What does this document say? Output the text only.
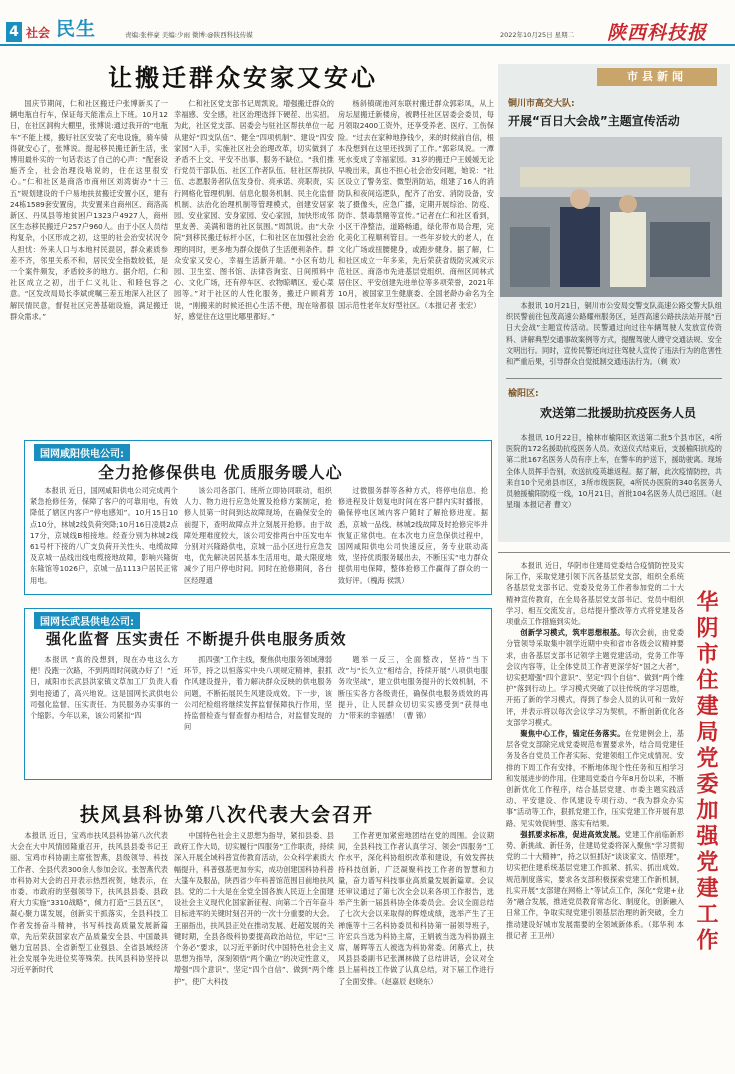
4 社会 民生	责编:张梓豪 美编:少雨 微博:@陕西科技传媒	2022年10月25日 星期二 陕西科技报
让搬迁群众安家又安心
国庆节期间，仁和社区搬迁户张博新买了一辆电瓶自行车，保证每天能准点上下班。10月12日，在社区洞构大棚里，张博说:通过我开的“电瓶车”不能上楼，搬好社区安装了充电设施，骑车骑得就安心了，张博说。提起移民搬迁新生活，张博用最朴实的一句话表达了自己的心声：“配套设施齐全，社会治理没啥说的，住在这里很安心。”仁和社区是商洛市商州区刘湾街办“十三五”规划建设的千户易地扶贫搬迁安置小区，建有24栋1589套安置房，共安置来自商州区、商洛高新区、丹凤县等地贫困户1323户4927人，商州区生态移民搬迁户257户960人。由于小区人员结构复杂，小区形成之初，这里的社会治安状况令人担忧：外来人口与本地村民混居，群众素质参差不齐，邻里关系不和，居民安全指数较低，是一个案件频发，矛盾较多的地方。据介绍，仁和社区成立之初，出于仁义礼让、和睦包容之意。“区发改局局长李斌虎嘱三差五地深入社区了解民情民意，督促社区完善基础设施，满足搬迁群众需求。”
仁和社区党支部书记周凯说。增强搬迁群众的幸福感、安全感，社区治理选择下硬茬、出实招。为此，社区党支部、居委会与驻社区帮扶单位一起从建好“四支队伍”、健全“四项机制”、建设“四安家园”入手，实施社区社会治理改革，切实做到了矛盾不上交、平安不出事、服务不缺位。“我们推行党员干部队伍、社区工作者队伍、驻社区帮扶队伍、志愿服务者队伍发身份、亮承诺、亮职责，实行网格化管理机制、信息化服务机制、民主化监督机制、法治化治理机制等管理模式，创建安居家园、安业家园、安身家园、安心家园，加快形成邻里友善、美满和谐的社区氛围。”周凯说。由“大杂院”到移民搬迁标杆小区，仁和社区在加强社会治理的同时，更多地为群众提供了生活便利条件。群众安家又安心，幸福生活新开端。“小区有幼儿园、卫生室、图书馆、法律咨询室、日间照料中心、文化广场，还有停车区、衣物晾晒区、爱心菜园等。”对于社区的人性化服务，搬迁户顾莉芳说，“刚搬来的时候还担心生活不便，现在啥都很好，感觉住在这里比哪里都好。”
杨斜镇砚池河东联村搬迁群众郭彩凤，从上房坛屋搬迁新楼房，被聘任社区居委会委员，每月领取2400工资外，还享受养老、医疗、工伤保险。“过去在家种地挣钱少，来的时候前自信，根本没想到在这里还找到了工作。”郭彩凤说。一潭死水变成了幸福家园。31岁的搬迁户王媛媛无论早晚出来，真也不担心社会治安问题，她说：“社区设立了警务室、微型消防站，组建了16人的消防队和夜间巡逻队，配齐了治安、消防设备，安装了摄像头，应急广播，定期开展综治、防疫、防诈、禁毒禁赌等宣传。”记者在仁和社区看到，小区干净整洁，道路畅通，绿化带布局合理，完化美化工程顺利管目。一些年岁较大的老人，在文化广场或扭腰健身，或跑步健身。据了解，仁和社区成立一年多来，先后荣获省级防灾减灾示范社区、商洛市先进基层党组织、商州区同林式居住区、平安创建先进单位等多项荣誉，2021年10月，被国家卫生健康委、全国老龄办命名为全国示范性老年友好型社区。（本报记者 张宏）
市县新闻
铜川市高交大队:
开展“百日大会战”主题宣传活动
本报讯 10月21日，铜川市公安局交警支队高速公路交警大队组织民警前往包茂高速公路耀州服务区，延西高速公路扶法站开展“百日大会战”主题宣传活动。民警通过向过往车辆驾驶人发放宣传资料、讲解典型交通事故案例等方式，提醒驾驶人遵守交通法规、安全文明出行。同时，宣传民警还向过往驾驶人宣传了违法行为的危害性和严重后果，引导群众自觉抵制交通违法行为。（剃 欢）
榆阳区:
欢送第二批援助抗疫医务人员
本报讯 10月22日，榆林市榆阳区欢送第二批5个县市区，4所医院的172名援助抗疫医务人员。欢送仪式结束后，支援榆阳抗疫的第二批167名医务人员有序上车，在警车的护送下，援助驶离。现场全体人员挥手告别，欢送抗疫英雄返程。据了解，此次疫情防控，共来自10个兄弟县市区，3所市级医院，4所民办医院的340名医务人员驰援榆阳防疫一线，10月21日，首批104名医务人员已返回。（赵星瑞 本报记者 曹文）
国网咸阳供电公司:
全力抢修保供电 优质服务暖人心
本报讯 近日，国网咸阳供电公司完成两个紧急抢修任务，保障了客户的可靠用电，有效降低了辖区内客户“停电感知”。10月15日10点10分，林城2线负荷突降;10月16日凌晨2点17分，京城线B相接地。经查分别为林城2线61号杆下接的八广支负荷开关性头、电缆故障及京城一品线出线电缆接地故障，影响兴隆街东隆馆等1026户，京城一品1113户居民正常用电。
该公司各部门、班所立即协同联动，组织人力、物力进行应急处置及抢修方案制定，抢修人员第一时间到达故障现场，在确保安全的前提下，查明故障点并立刻展开抢修。由于故障处理难度较大，该公司安排两台中压发电车分别对兴隆路供电，京城一品小区进行应急发电，优先解决居民基本生活用电，最大限度地减少了用户停电时间。同时在抢修期间，各台区经理通
过微服务群等各种方式，将停电信息、抢修进程及计划复电时间在客户群内实时播报，确保停电区域内客户随时了解抢修进度。据悉，京城一品线、林城2线故障及时抢修完毕并恢复正常供电。在本次电力应急保供过程中，国网咸阳供电公司快速反应，务专业联动高效，坚持优质服务暖出去，不断压实“电力群众提供用电保障，整体抢修工作赢得了群众的一致好评。（槐海 侯凯）
国网长武县供电公司:
强化监督 压实责任 不断提升供电服务质效
本报讯 “真的没想到，现在办电这么方便！没跑一次路，不到两周时间就办好了！”近日，咸阳市长武县洪家镇文草加工厂负责人看到电接通了，高兴地说。这是国网长武供电公司强化监督、压实责任、为民服务办实事的一个缩影。今年以来，该公司紧扣“四
抓四强”工作主线，聚焦供电服务领域薄弱环节，持之以恒落实中央八项规定精神，狠抓作风建设提升，着力解决群众反映的供电服务问题，不断拓展民生风建设成效。下一步，该公司纪检组将继续发挥监督保障执行作用，坚持监督检查与督查督办相结合，对监督发现的问
题举一反三，全面整改，坚持“当下改”与“长久立”相结合，持续开展“八项供电服务攻坚战”，建立供电服务提升的长效机制，不断压实各方各级责任，确保供电服务质效的再提升，让人民群众切切实实感受到“获得电力”带来的幸福感！（曹 锦）
扶风县科协第八次代表大会召开
本报讯 近日，宝鸡市扶风县科协第八次代表大会在大中风情园隆重召开，扶风县县委书记王丽、宝鸡市科协副主席张智燕，县级领导、科技工作者、全县代表300余人参加会议。张智燕代表市科协对大会的召开表示热烈祝贺，她表示，在市委、市政府的坚强领导下，扶风县县委、县政府大力实施“3310战略”，倾力打造“三县五区”，凝心聚力谋发展，创新实干抓落实，全县科技工作者发扬奋斗精神，书写科技高质量发展新篇章，先后荣获国家农产品质量安全县、中国最具魅力宜居县、全省新型工业强县、全省县域经济社会发展争先进位奖等殊荣。扶风县科协坚持以习近平新时代
中国特色社会主义思想为指导，紧扣县委、县政府工作大局，切实履行“四服务”工作职责，持续深入开展全域科普宣传教育活动，公众科学素质大幅提升，科普强基更加夯实，成功创建国科协科普大篷车及服品，陕西省少年科普馆范围目前地扶风县。党的二十大是在全党全国各族人民迈上全面建设社会主义现代化国家新征程、向第二个百年奋斗目标进军的关键时刻召开的一次十分重要的大会。王丽指出，扶风县正处在推动发展、赶超发展的关键时期，全县各级科协要提高政治站位，牢记“三个务必”要求，以习近平新时代中国特色社会主义思想为指导，深刻领悟“两个确立”的决定性意义，增强“四个意识”、坚定“四个自信”、做到“两个维护”，使广大科技
工作者更加紧密地团结在党的周围。会议期间，全县科技工作者认真学习、领会“四服务”工作水平，深化科协组织改革和建设，有效发挥扶持科技创新，广泛凝聚科技工作者的智慧和力量，奋力谱写科技事业高质量发展新篇章。会议还审议通过了第七次全会以来各项工作报告，选举产生新一届县科协全体委员会。会议全面总结了七次大会以来取得的辉煌成绩，选举产生了王禅施等十三名科协委员和科协第一届领导班子，许宏兵当选为科协主席，王娟被当选为科协副主席，屠晖等五人被选为科协常委。闭幕式上，扶风县县委副书记张渊林做了总结讲话，会议对全县上届科技工作做了认真总结，对下届工作进行了全面安排。（赵嘉辰 赵晓东）
华阴市住建局党委加强党建工作

本报讯 近日，华阴市住建局党委结合疫情防控及实际工作，采取党建引领下沉各基层党支部，组织全系统各基层党支部书记、党委及党务工作者参加党的二十大精神宣传教育，在全局各基层党支部书记、党员中组织学习、相互交流发言，总结提升整改等方式将党建及各项重点工作措施到实处。

创新学习模式，筑牢思想根基。每次会前，由党委分管领导采取集中领学近期中央和省市各级会议精神要求，由各基层支部书记领学主题党建活动，党务工作等会议内容等，让全体党员工作者更深学好“国之大者”，切实把增强“四个意识”、坚定“四个自信”、做到“两个维护”落到行动上。学习模式突破了以往传统的学习思维，开拓了新的学习模式，得到了参会人员的认可和一致好评，并表示将以每次会议学习为契机，不断创新优化各支部学习模式。

聚焦中心工作，锚定任务落实。在党建例会上，基层各党支部除完成党委规范布置要求外，结合局党建任务及各自党员工作者实际、党建领组工作完成情况、安排的下周工作有安排，不断地体现个性任务和互相学习和发展进步的作用。住建局党委自今年8月份以来，不断创新优化工作程序，结合基层党建、市委主题实践活动、平安建设、作风建设专项行动、“我为群众办实事”活动等工作，狠抓党建工作，压实党建工作开展有思路、见实效促转型、落实有结果。

强抓要求标准，促进高效发展。党建工作前临新形势、新挑战、新任务，住建局党委将深入聚焦“学习贯彻党的二十大精神”，持之以恒抓好“谈谈家文、悟原理”，切实把住建系统基层党建工作抓紧、抓实、抓出成效。规范制度落实，要求各支部积极探索党建工作新机制，扎实开展“支部建在网格上”等试点工作，深化“党建+业务”融合发展，推进党员教育常态化、制度化，创新融入日常工作，争取实现党建引领基层治理的新突破，全力推动建设好城市发展需要的全领域新体系。（郑华利 本报记者 王卫州）
